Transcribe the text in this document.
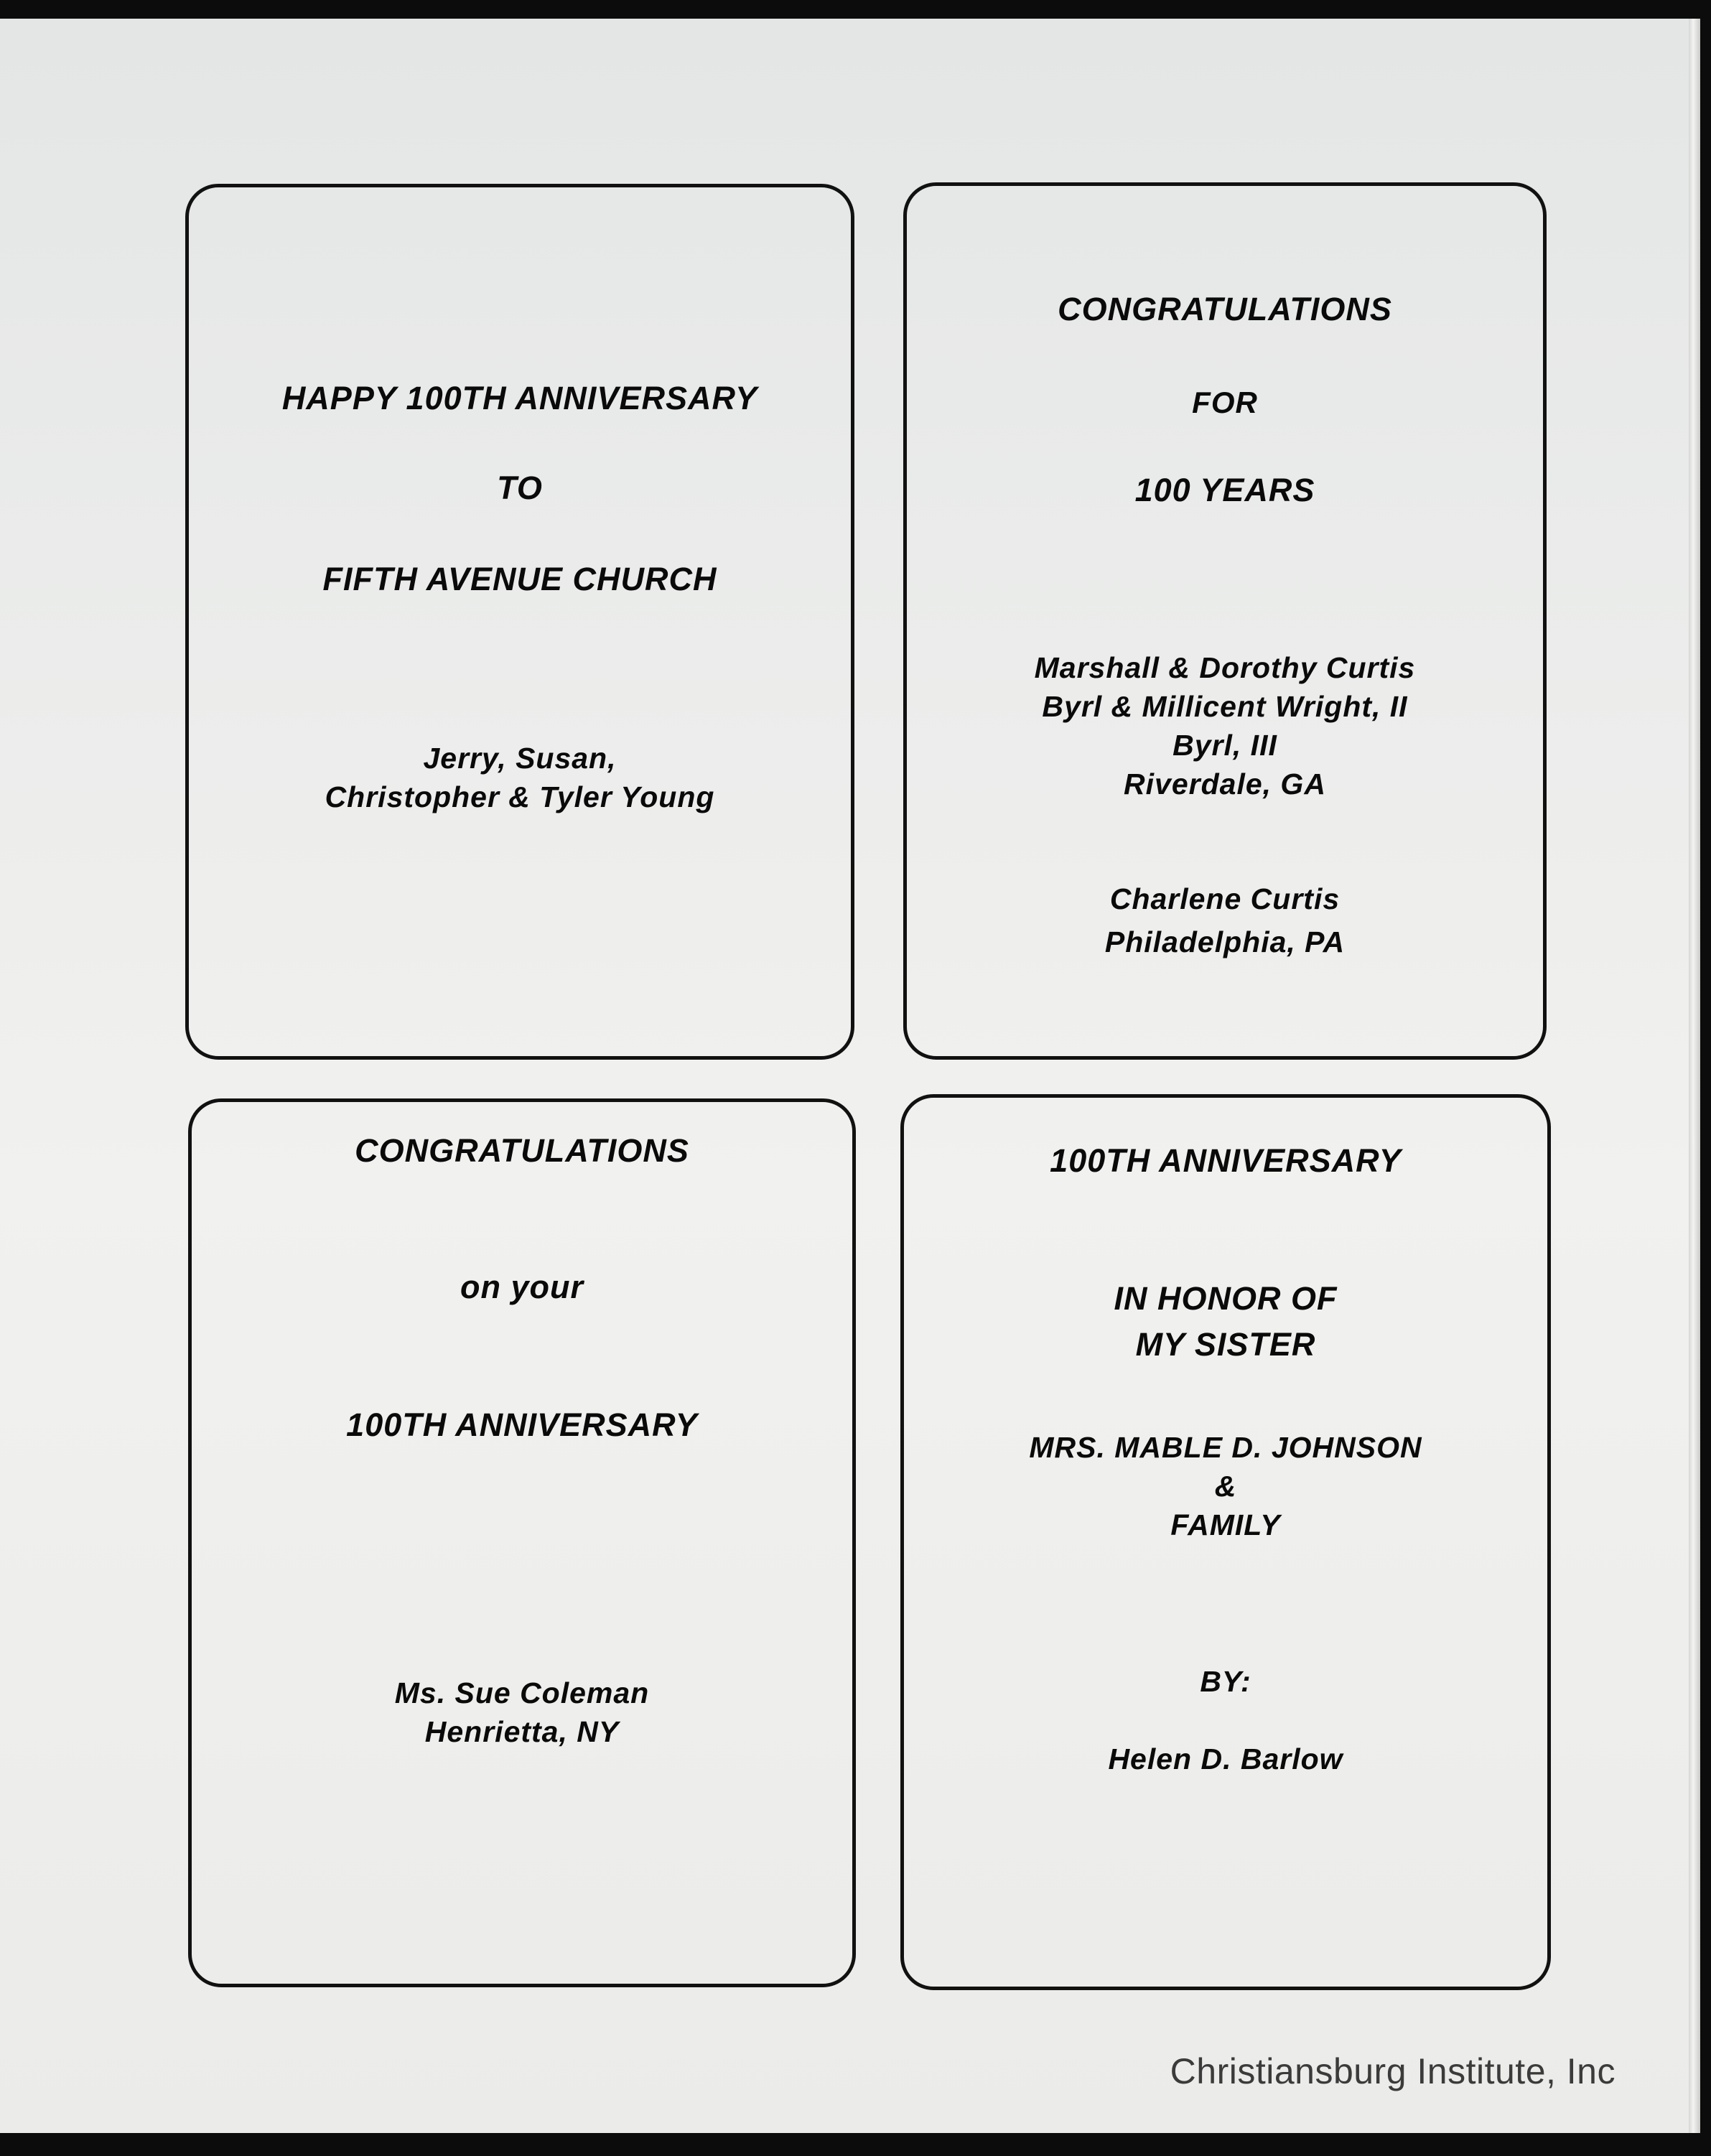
HAPPY 100TH ANNIVERSARY
TO
FIFTH AVENUE CHURCH
Jerry, Susan,
Christopher & Tyler Young
CONGRATULATIONS
FOR
100 YEARS
Marshall & Dorothy Curtis
Byrl & Millicent Wright, II
Byrl, III
Riverdale, GA
Charlene Curtis
Philadelphia, PA
CONGRATULATIONS
on your
100TH ANNIVERSARY
Ms. Sue Coleman
Henrietta, NY
100TH ANNIVERSARY
IN HONOR OF
MY SISTER
MRS. MABLE D. JOHNSON
&
FAMILY
BY:
Helen D. Barlow
Christiansburg Institute, Inc
